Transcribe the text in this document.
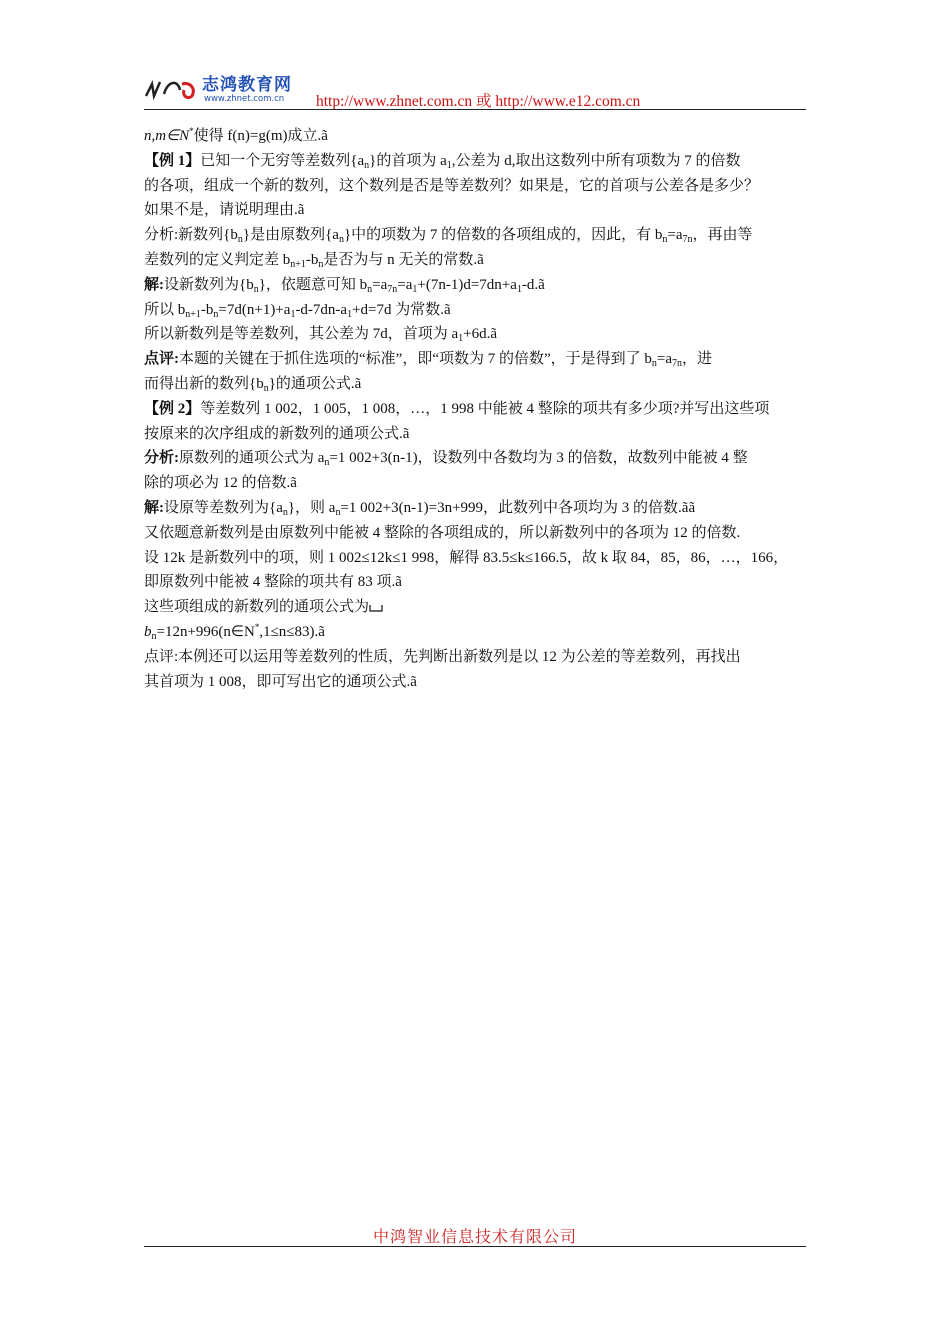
志鸿教育网
www.zhnet.com.cn http://www.zhnet.com.cn 或 http://www.e12.com.cn
n,m∈N*使得 f(n)=g(m)成立.ã
【例 1】已知一个无穷等差数列$\{a_n\}$的首项为 $a_1$,公差为 d,取出这数列中所有项数为 7 的倍数
的各项，组成一个新的数列，这个数列是否是等差数列？如果是，它的首项与公差各是多少？
如果不是，请说明理由.ã
分析:新数列$\{b_n\}$是由原数列$\{a_n\}$中的项数为 7 的倍数的各项组成的，因此，有 $b_n=a_{7n}$，再由等
差数列的定义判定差 $b_{n+1}-b_n$是否为与 n 无关的常数.ã
解:设新数列为$\{b_n\}$，依题意可知 $b_n=a_{7n}=a_1+(7n-1)d=7dn+a_1-d.ã$
所以 $b_{n+1}-b_n=7d(n+1)+a_1-d-7dn-a_1+d=7d$ 为常数.ã
所以新数列是等差数列，其公差为 7d，首项为 $a_1+6d.ã$
点评:本题的关键在于抓住选项的“标准”，即“项数为 7 的倍数”，于是得到了 $b_n=a_{7n}$，进
而得出新的数列$\{b_n\}$的通项公式.ã
【例 2】等差数列 1 002，1 005，1 008，…，1 998 中能被 4 整除的项共有多少项?并写出这些项
按原来的次序组成的新数列的通项公式.ã
分析:原数列的通项公式为 $a_n=1$ 002+3(n-1)，设数列中各数均为 3 的倍数，故数列中能被 4 整
除的项必为 12 的倍数.ã
解:设原等差数列为$\{a_n\}$，则 $a_n=1$ 002+3(n-1)=3n+999，此数列中各项均为 3 的倍数.ãã
又依题意新数列是由原数列中能被 4 整除的各项组成的，所以新数列中的各项为 12 的倍数.
设 12k 是新数列中的项，则 1 002≤12k≤1 998，解得 83.5≤k≤166.5，故 k 取 84，85，86，…，166，
即原数列中能被 4 整除的项共有 83 项.ã
这些项组成的新数列的通项公式为
$b_n=12n+996(n\in N^*,1\le n\le 83).ã$
点评:本例还可以运用等差数列的性质，先判断出新数列是以 12 为公差的等差数列，再找出
其首项为 1 008，即可写出它的通项公式.ã
中鸿智业信息技术有限公司
